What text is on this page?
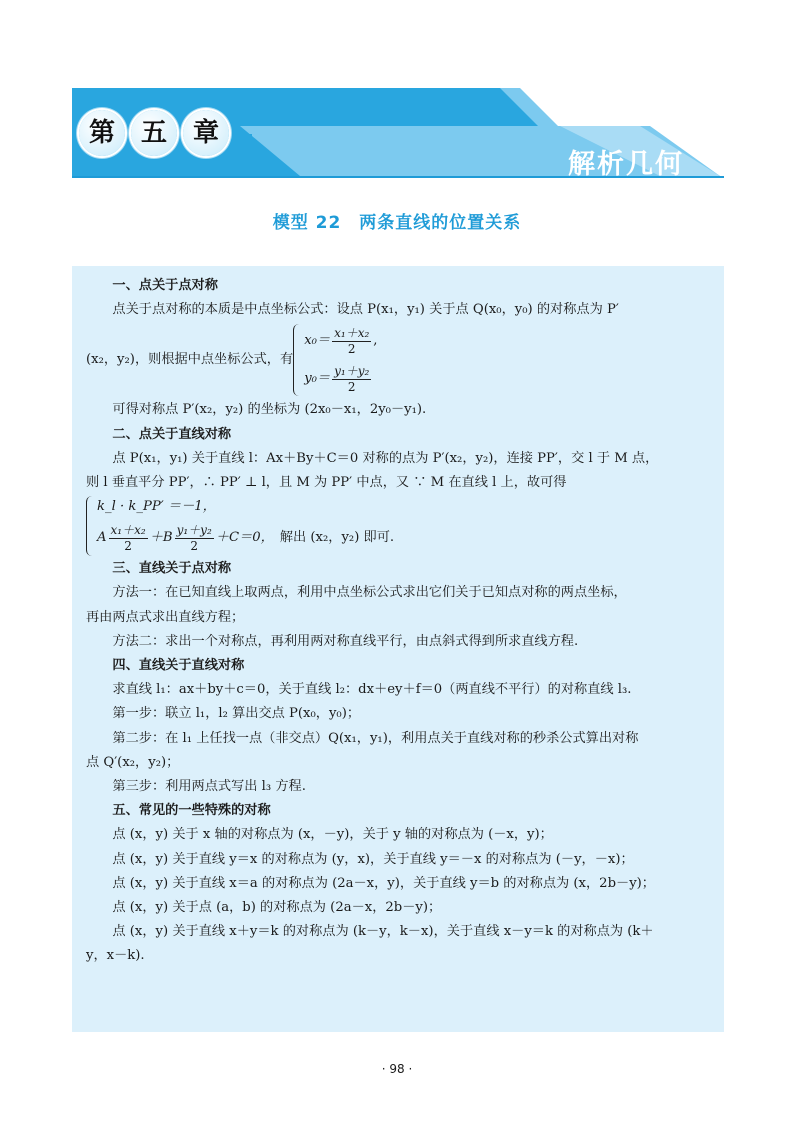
第 五 章
解析几何
模型 22　两条直线的位置关系
一、点关于点对称

点关于点对称的本质是中点坐标公式：设点 P(x₁，y₁) 关于点 Q(x₀，y₀) 的对称点为 P′

(x₂，y₂)，则根据中点坐标公式，有
$x_0= \frac{\text{x₁＋x₂}}{2}$ ,
$y_0= \frac{\text{y₁＋y₂}}{2}$

可得对称点 P′(x₂，y₂) 的坐标为 (2x₀－x₁，2y₀－y₁).

二、点关于直线对称

点 P(x₁，y₁) 关于直线 l：Ax＋By＋C＝0 对称的点为 P′(x₂，y₂)，连接 PP′，交 l 于 M 点，

则 l 垂直平分 PP′，∴ PP′ ⊥ l，且 M 为 PP′ 中点，又 ∵ M 在直线 l 上，故可得

k_l · k_PP′ ＝－1，
A $\frac{\text{x₁＋x₂}}{2} +B \frac{\text{y₁＋y₂}}{2} +C=0$， 解出 (x₂，y₂) 即可.
三、直线关于点对称

方法一：在已知直线上取两点，利用中点坐标公式求出它们关于已知点对称的两点坐标，

再由两点式求出直线方程；

方法二：求出一个对称点，再利用两对称直线平行，由点斜式得到所求直线方程.

四、直线关于直线对称

求直线 l₁：ax＋by＋c＝0，关于直线 l₂：dx＋ey＋f＝0（两直线不平行）的对称直线 l₃.

第一步：联立 l₁，l₂ 算出交点 P(x₀，y₀)；

第二步：在 l₁ 上任找一点（非交点）Q(x₁，y₁)，利用点关于直线对称的秒杀公式算出对称

点 Q′(x₂，y₂)；

第三步：利用两点式写出 l₃ 方程.

五、常见的一些特殊的对称

点 (x，y) 关于 x 轴的对称点为 (x，－y)，关于 y 轴的对称点为 (－x，y)；

点 (x，y) 关于直线 y＝x 的对称点为 (y，x)，关于直线 y＝－x 的对称点为 (－y，－x)；

点 (x，y) 关于直线 x＝a 的对称点为 (2a－x，y)，关于直线 y＝b 的对称点为 (x，2b－y)；

点 (x，y) 关于点 (a，b) 的对称点为 (2a－x，2b－y)；

点 (x，y) 关于直线 x＋y＝k 的对称点为 (k－y，k－x)，关于直线 x－y＝k 的对称点为 (k＋

y，x－k).

· 98 ·
